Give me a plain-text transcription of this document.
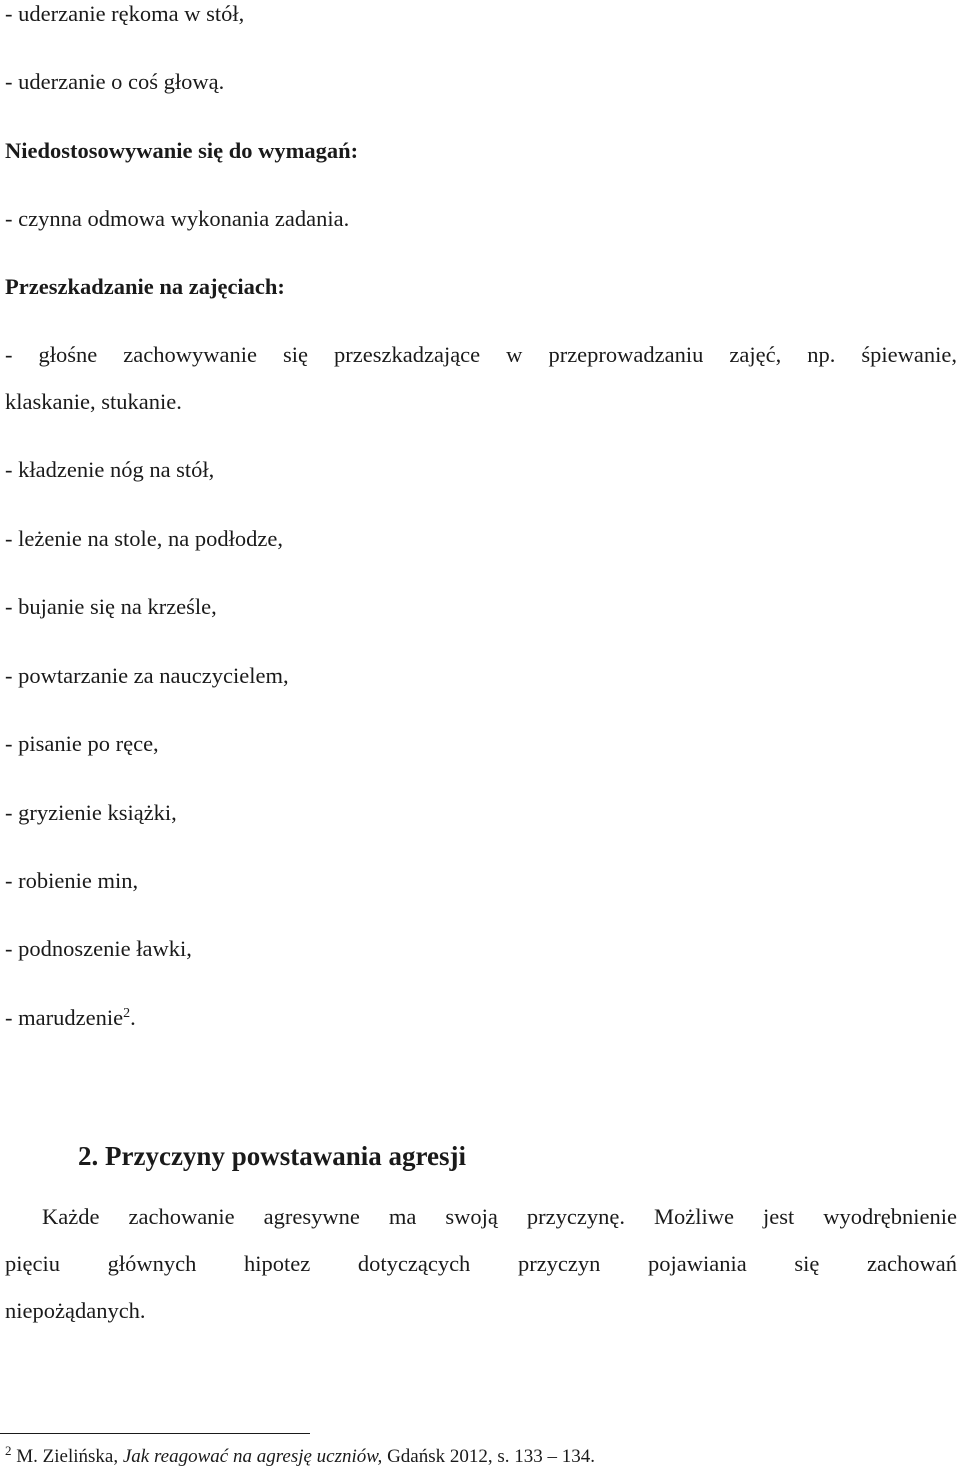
- uderzanie rękoma w stół,
- uderzanie o coś głową.
Niedostosowywanie się do wymagań:
- czynna odmowa wykonania zadania.
Przeszkadzanie na zajęciach:
- głośne zachowywanie się przeszkadzające w przeprowadzaniu zajęć, np. śpiewanie,
klaskanie, stukanie.
- kładzenie nóg na stół,
- leżenie na stole, na podłodze,
- bujanie się na krześle,
- powtarzanie za nauczycielem,
- pisanie po ręce,
- gryzienie książki,
- robienie min,
- podnoszenie ławki,
- marudzenie$^2$.
2. Przyczyny powstawania agresji
Każde zachowanie agresywne ma swoją przyczynę. Możliwe jest wyodrębnienie
pięciu głównych hipotez dotyczących przyczyn pojawiania się zachowań
niepożądanych.
$^2$ M. Zielińska, Jak reagować na agresję uczniów, Gdańsk 2012, s. 133 – 134.
